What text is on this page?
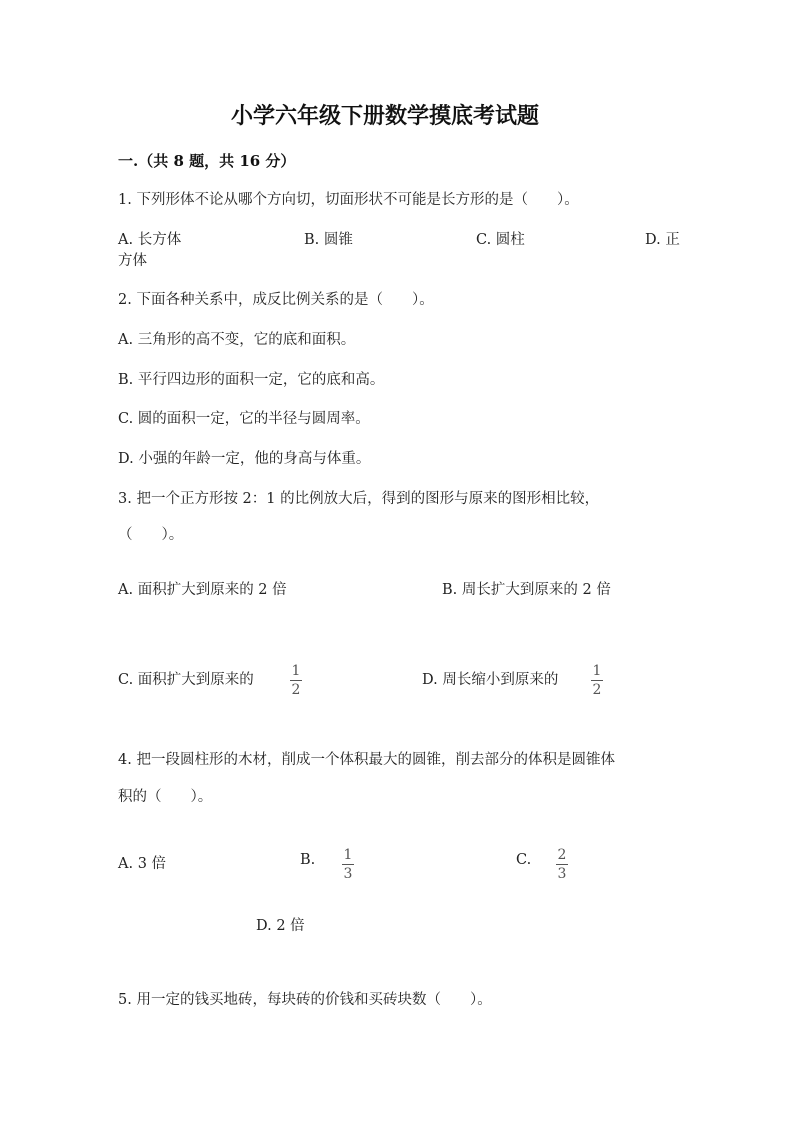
小学六年级下册数学摸底考试题
一.（共 8 题，共 16 分）
1. 下列形体不论从哪个方向切，切面形状不可能是长方形的是（　　）。
A. 长方体	B. 圆锥	C. 圆柱	D. 正
方体
2. 下面各种关系中，成反比例关系的是（　　）。
A. 三角形的高不变，它的底和面积。
B. 平行四边形的面积一定，它的底和高。
C. 圆的面积一定，它的半径与圆周率。
D. 小强的年龄一定，他的身高与体重。
3. 把一个正方形按 2：1 的比例放大后，得到的图形与原来的图形相比较，
（　　）。
A. 面积扩大到原来的 2 倍	B. 周长扩大到原来的 2 倍
C. 面积扩大到原来的
1
2
D. 周长缩小到原来的
1
2
4. 把一段圆柱形的木材，削成一个体积最大的圆锥，削去部分的体积是圆锥体
积的（　　）。
A. 3 倍	B. 1
3
C. 2
3
D. 2 倍
5. 用一定的钱买地砖，每块砖的价钱和买砖块数（　　）。
